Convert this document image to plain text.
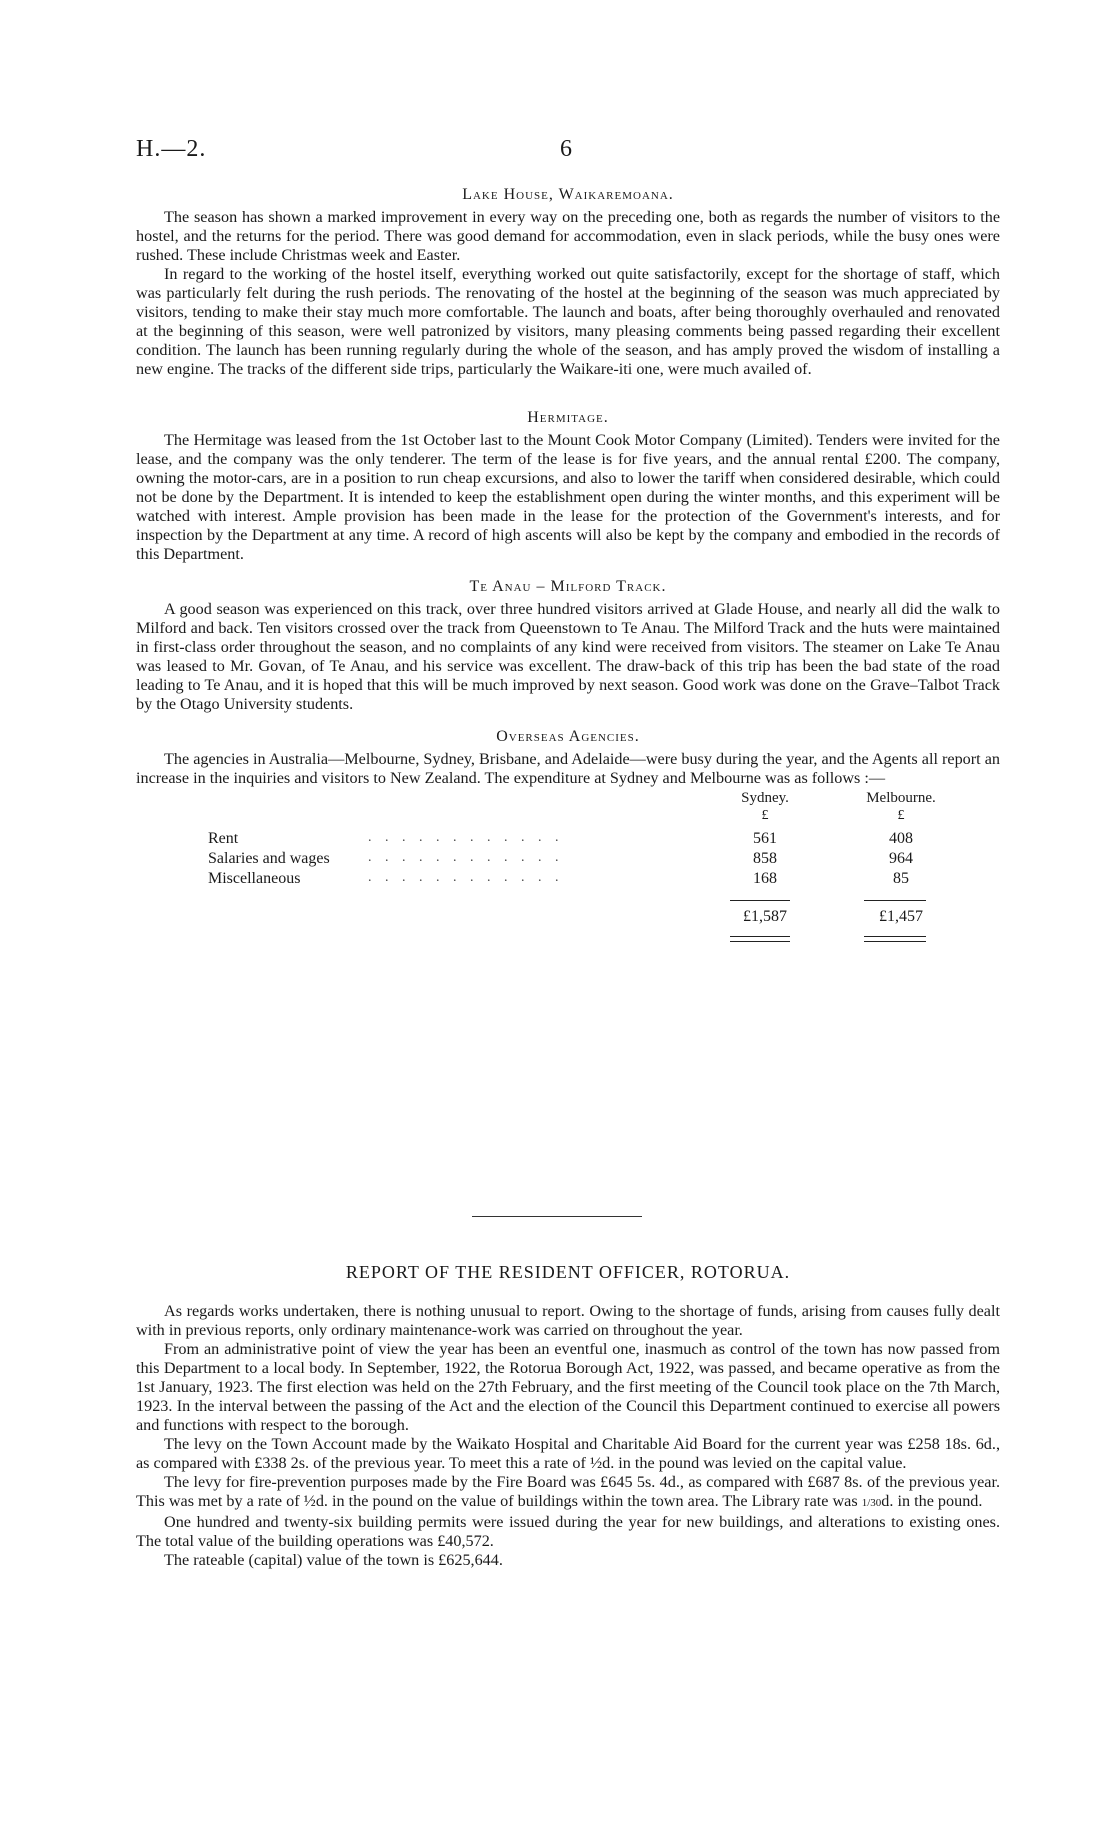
H.—2.	6
Lake House, Waikaremoana.

The season has shown a marked improvement in every way on the preceding one, both as regards the number of visitors to the hostel, and the returns for the period. There was good demand for accommodation, even in slack periods, while the busy ones were rushed. These include Christmas week and Easter.

In regard to the working of the hostel itself, everything worked out quite satisfactorily, except for the shortage of staff, which was particularly felt during the rush periods. The renovating of the hostel at the beginning of the season was much appreciated by visitors, tending to make their stay much more comfortable. The launch and boats, after being thoroughly overhauled and renovated at the beginning of this season, were well patronized by visitors, many pleasing comments being passed regarding their excellent condition. The launch has been running regularly during the whole of the season, and has amply proved the wisdom of installing a new engine. The tracks of the different side trips, particularly the Waikare-iti one, were much availed of.

Hermitage.

The Hermitage was leased from the 1st October last to the Mount Cook Motor Company (Limited). Tenders were invited for the lease, and the company was the only tenderer. The term of the lease is for five years, and the annual rental £200. The company, owning the motor-cars, are in a position to run cheap excursions, and also to lower the tariff when considered desirable, which could not be done by the Department. It is intended to keep the establishment open during the winter months, and this experiment will be watched with interest. Ample provision has been made in the lease for the protection of the Government's interests, and for inspection by the Department at any time. A record of high ascents will also be kept by the company and embodied in the records of this Department.

Te Anau – Milford Track.

A good season was experienced on this track, over three hundred visitors arrived at Glade House, and nearly all did the walk to Milford and back. Ten visitors crossed over the track from Queenstown to Te Anau. The Milford Track and the huts were maintained in first-class order throughout the season, and no complaints of any kind were received from visitors. The steamer on Lake Te Anau was leased to Mr. Govan, of Te Anau, and his service was excellent. The draw-back of this trip has been the bad state of the road leading to Te Anau, and it is hoped that this will be much improved by next season. Good work was done on the Grave–Talbot Track by the Otago University students.

Overseas Agencies.

The agencies in Australia—Melbourne, Sydney, Brisbane, and Adelaide—were busy during the year, and the Agents all report an increase in the inquiries and visitors to New Zealand. The expenditure at Sydney and Melbourne was as follows :—

Sydney.	Melbourne.
£	£
Rent	. . . . . . . . . . . .	561	408
Salaries and wages	. . . . . . . . . . . .	858	964
Miscellaneous	. . . . . . . . . . . .	168	85
£1,587	£1,457
REPORT OF THE RESIDENT OFFICER, ROTORUA.

As regards works undertaken, there is nothing unusual to report. Owing to the shortage of funds, arising from causes fully dealt with in previous reports, only ordinary maintenance-work was carried on throughout the year.

From an administrative point of view the year has been an eventful one, inasmuch as control of the town has now passed from this Department to a local body. In September, 1922, the Rotorua Borough Act, 1922, was passed, and became operative as from the 1st January, 1923. The first election was held on the 27th February, and the first meeting of the Council took place on the 7th March, 1923. In the interval between the passing of the Act and the election of the Council this Department continued to exercise all powers and functions with respect to the borough.

The levy on the Town Account made by the Waikato Hospital and Charitable Aid Board for the current year was £258 18s. 6d., as compared with £338 2s. of the previous year. To meet this a rate of ½d. in the pound was levied on the capital value.

The levy for fire-prevention purposes made by the Fire Board was £645 5s. 4d., as compared with £687 8s. of the previous year. This was met by a rate of ½d. in the pound on the value of buildings within the town area. The Library rate was 1/30d. in the pound.

One hundred and twenty-six building permits were issued during the year for new buildings, and alterations to existing ones. The total value of the building operations was £40,572.

The rateable (capital) value of the town is £625,644.
